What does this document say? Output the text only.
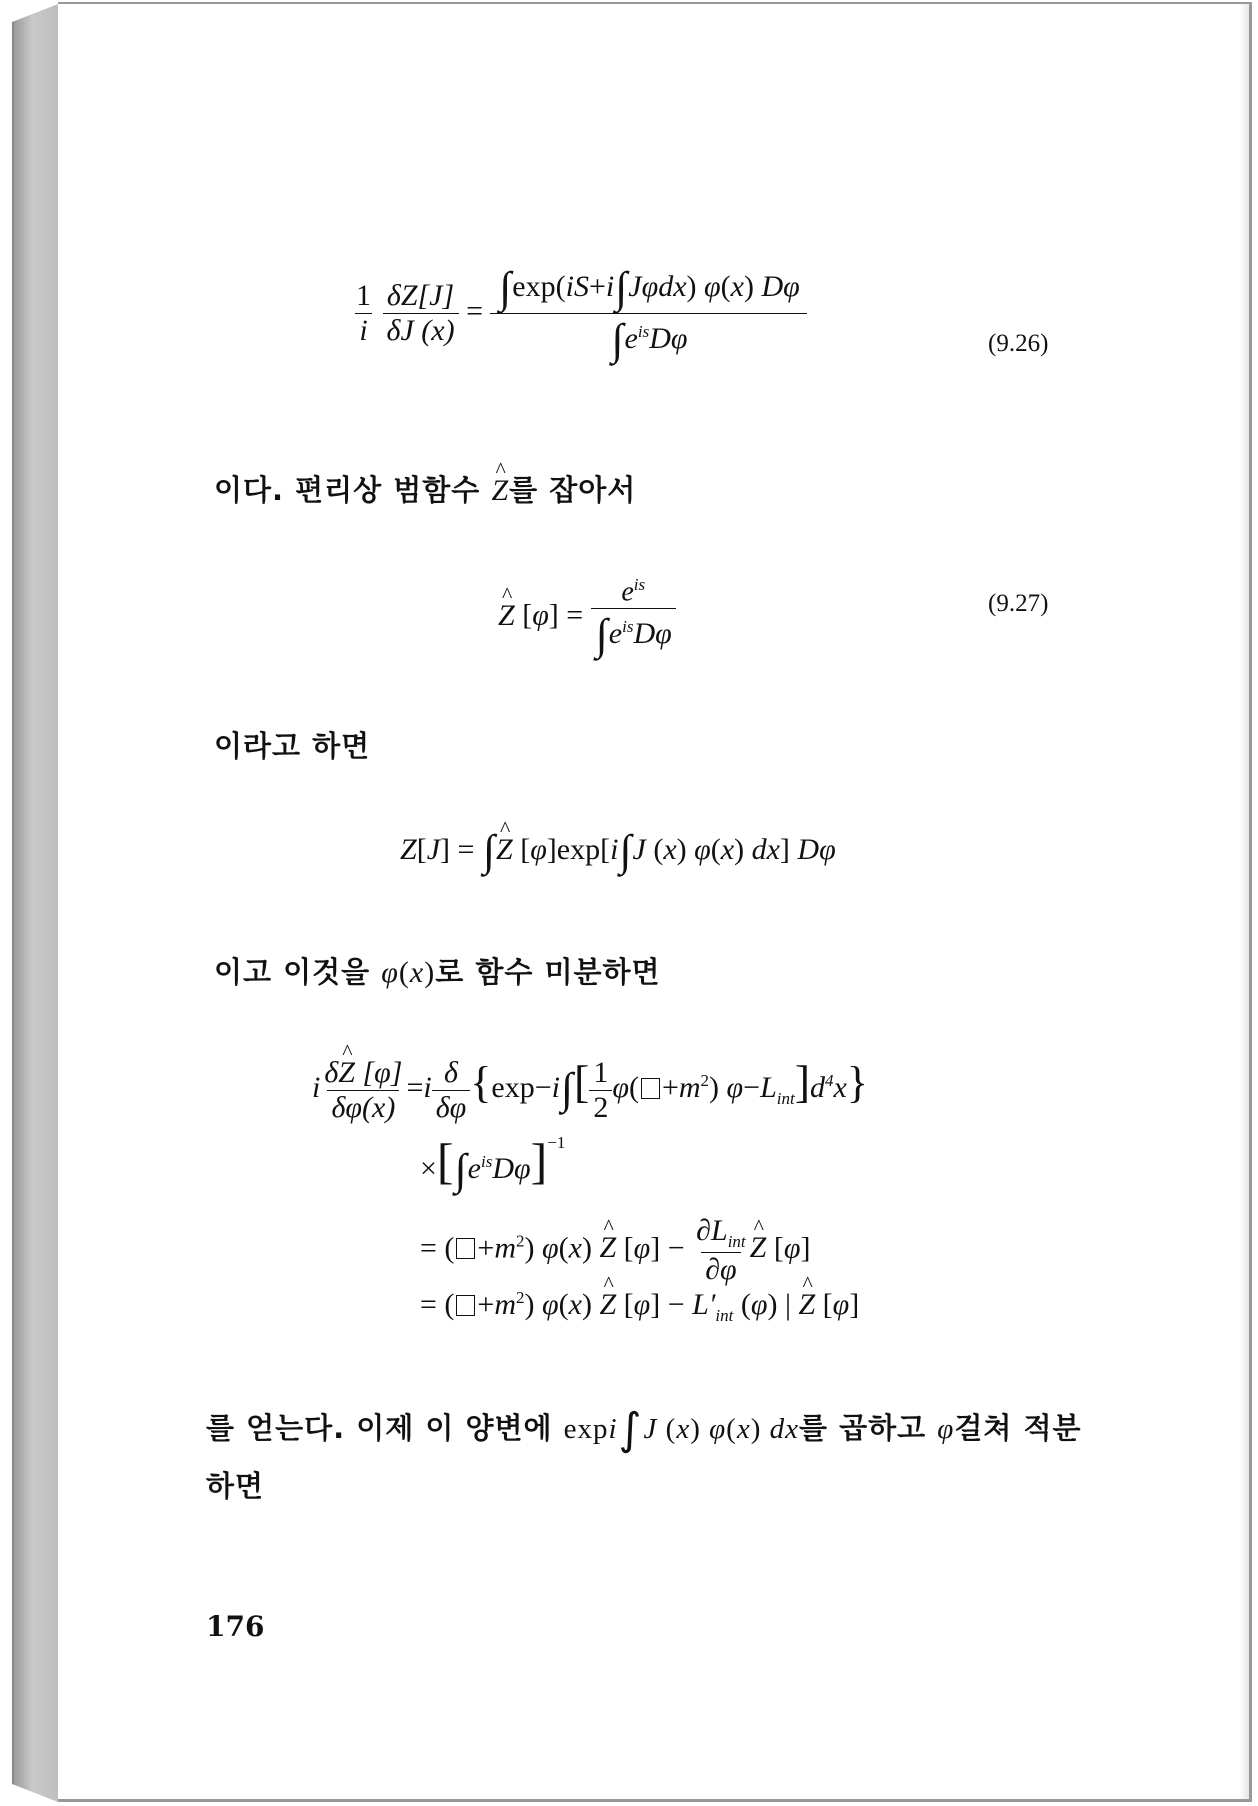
$\frac{1}{i}$
$\frac{\delta Z[J]}{\delta J (x)} = \frac{\text{∫exp(iS+i∫Jφdx) φ(x) Dφ}}{\int e^{is}D\varphi}$	(9.26)
이다. 편리상 범함수 ^ Z를 잡아서
^ Z $[\varphi] = \frac{e^{is}}{\int e^{is}D\varphi}$	(9.27)
이라고 하면
Z[J] = ∫^ Z [φ]exp[i∫J (x) φ(x) dx] Dφ
이고 이것을 φ(x)로 함수 미분하면
i $\frac{\delta\^{} Z [\varphi]}{\delta\varphi(x)} =i \frac{\delta}{\delta\varphi} \{\exp-i\int[ \frac{1}{2} \varphi( +m^2)$ $\varphi-L_{int}]d^4x$}
$\times[\int e^{is}D\varphi]^{-1}$
= ( $+m^2$) φ(x) ^ Z $[\varphi] - \frac{\partial L_{int}}{\partial\varphi}$ ^ Z [φ]
= ( $+m^2$) φ(x) ^ Z $[\varphi] - L'_{int}$ (φ) | ^ Z [φ]
를 얻는다. 이제 이 양변에 expi∫J (x) φ(x) dx를 곱하고 φ걸쳐 적분
하면
176
